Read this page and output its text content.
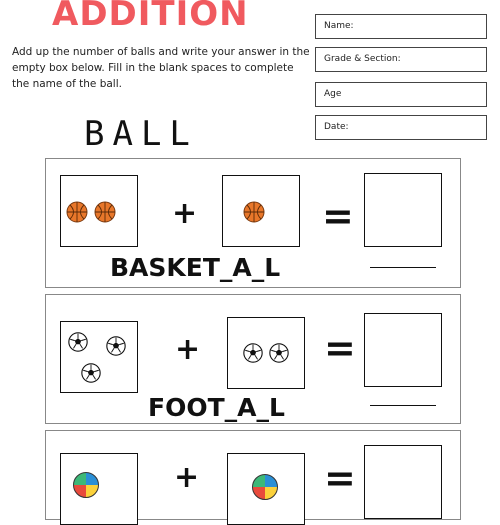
ADDITION
Add up the number of balls and write your answer in the empty box below. Fill in the blank spaces to complete the name of the ball.
Name:
Grade & Section:
Age
Date:
BALL
+	=
BASKET_A_L
+	=
FOOT_A_L
+	=
